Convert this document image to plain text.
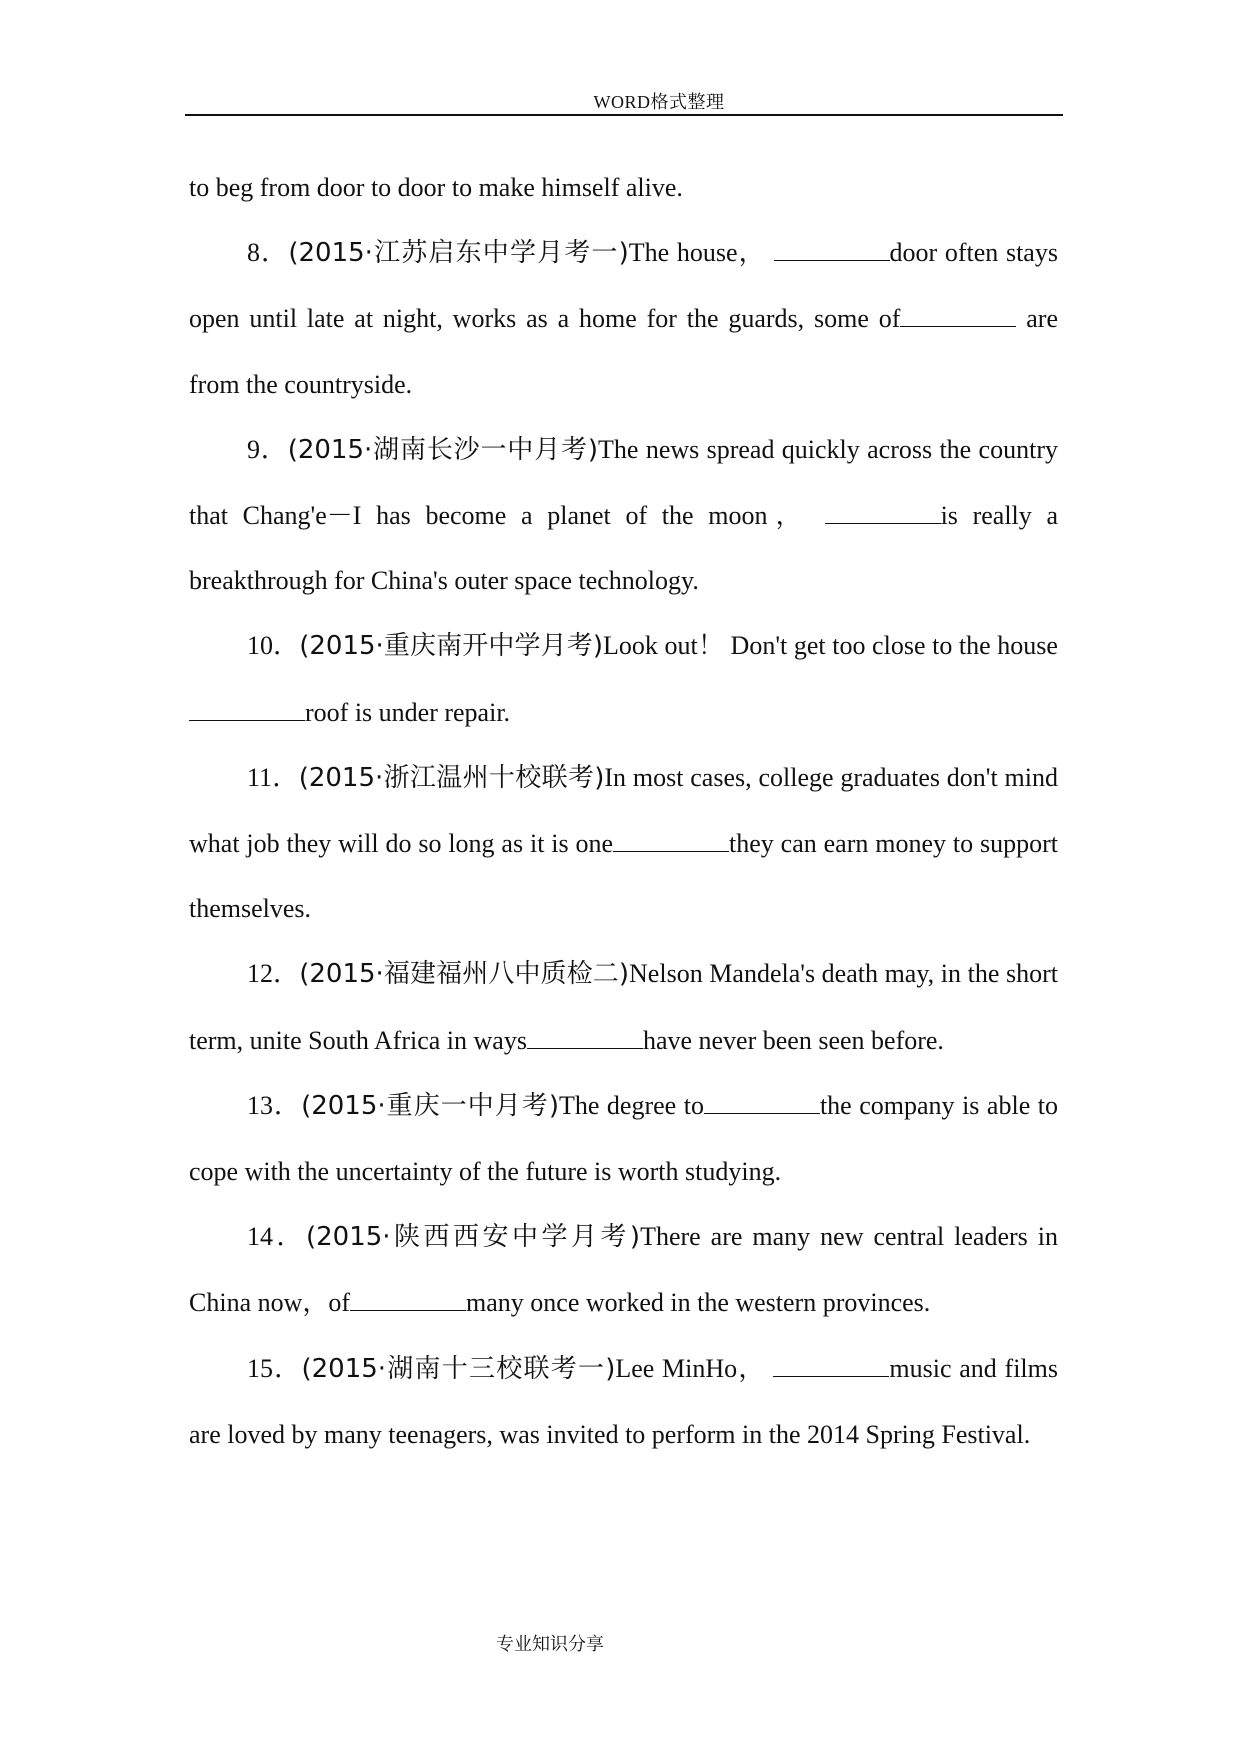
WORD格式整理

to beg from door to door to make himself alive.

8．(2015·江苏启东中学月考一)The house，	door often stays open until late at night, works as a home for the guards, some of	are from the countryside.

9．(2015·湖南长沙一中月考)The news spread quickly across the country that Chang'e－I has become a planet of the moon，	is really a breakthrough for China's outer space technology.

10．(2015·重庆南开中学月考)Look out！ Don't get too close to the houseroof is under repair.

11．(2015·浙江温州十校联考)In most cases, college graduates don't mind what job they will do so long as it is one	they can earn money to support themselves.

12．(2015·福建福州八中质检二)Nelson Mandela's death may, in the short term, unite South Africa in ways	have never been seen before.

13．(2015·重庆一中月考)The degree to	the company is able to cope with the uncertainty of the future is worth studying.

14．(2015·陕西西安中学月考)There are many new central leaders in China now，of	many once worked in the western provinces.

15．(2015·湖南十三校联考一)Lee MinHo，	music and films are loved by many teenagers, was invited to perform in the 2014 Spring Festival.

专业知识分享
